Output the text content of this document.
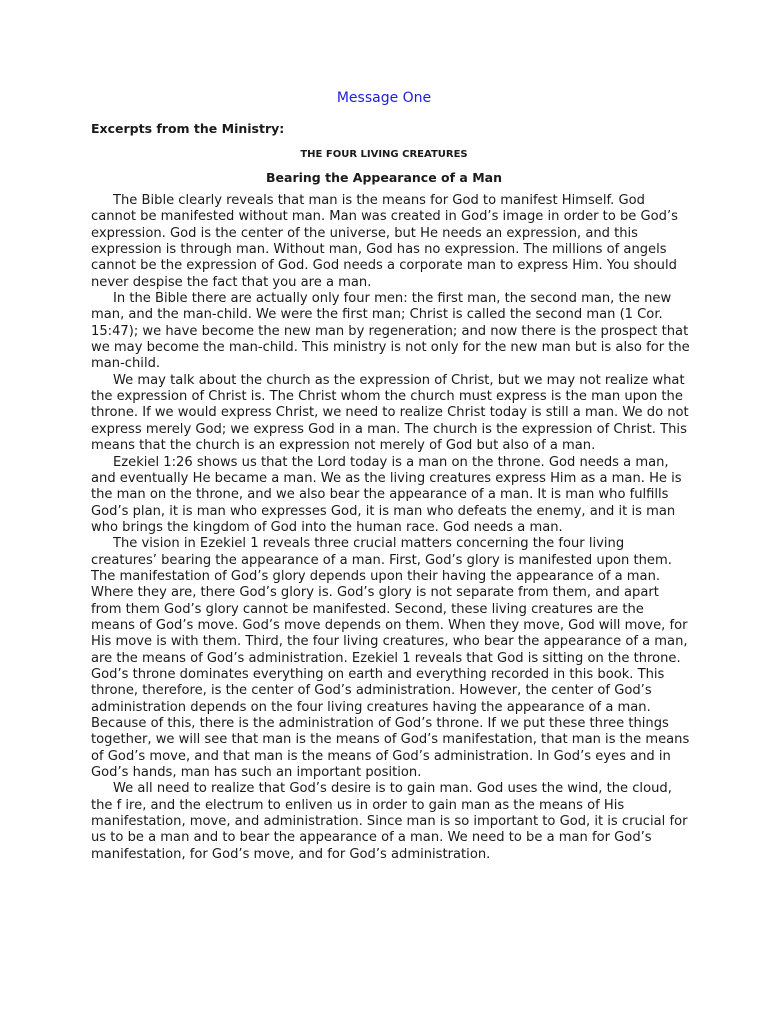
Message One
Excerpts from the Ministry:
THE FOUR LIVING CREATURES
Bearing the Appearance of a Man

The Bible clearly reveals that man is the means for God to manifest Himself. God cannot be manifested without man. Man was created in God’s image in order to be God’s expression. God is the center of the universe, but He needs an expression, and this expression is through man. Without man, God has no expression. The millions of angels cannot be the expression of God. God needs a corporate man to express Him. You should never despise the fact that you are a man.

In the Bible there are actually only four men: the first man, the second man, the new man, and the man-child. We were the first man; Christ is called the second man (1 Cor. 15:47); we have become the new man by regeneration; and now there is the prospect that we may become the man-child. This ministry is not only for the new man but is also for the man-child.

We may talk about the church as the expression of Christ, but we may not realize what the expression of Christ is. The Christ whom the church must express is the man upon the throne. If we would express Christ, we need to realize Christ today is still a man. We do not express merely God; we express God in a man. The church is the expression of Christ. This means that the church is an expression not merely of God but also of a man.

Ezekiel 1:26 shows us that the Lord today is a man on the throne. God needs a man, and eventually He became a man. We as the living creatures express Him as a man. He is the man on the throne, and we also bear the appearance of a man. It is man who fulfills God’s plan, it is man who expresses God, it is man who defeats the enemy, and it is man who brings the kingdom of God into the human race. God needs a man.

The vision in Ezekiel 1 reveals three crucial matters concerning the four living creatures’ bearing the appearance of a man. First, God’s glory is manifested upon them. The manifestation of God’s glory depends upon their having the appearance of a man. Where they are, there God’s glory is. God’s glory is not separate from them, and apart from them God’s glory cannot be manifested. Second, these living creatures are the means of God’s move. God’s move depends on them. When they move, God will move, for His move is with them. Third, the four living creatures, who bear the appearance of a man, are the means of God’s administration. Ezekiel 1 reveals that God is sitting on the throne. God’s throne dominates everything on earth and everything recorded in this book. This throne, therefore, is the center of God’s administration. However, the center of God’s administration depends on the four living creatures having the appearance of a man. Because of this, there is the administration of God’s throne. If we put these three things together, we will see that man is the means of God’s manifestation, that man is the means of God’s move, and that man is the means of God’s administration. In God’s eyes and in God’s hands, man has such an important position.

We all need to realize that God’s desire is to gain man. God uses the wind, the cloud, the f ire, and the electrum to enliven us in order to gain man as the means of His manifestation, move, and administration. Since man is so important to God, it is crucial for us to be a man and to bear the appearance of a man. We need to be a man for God’s manifestation, for God’s move, and for God’s administration.
